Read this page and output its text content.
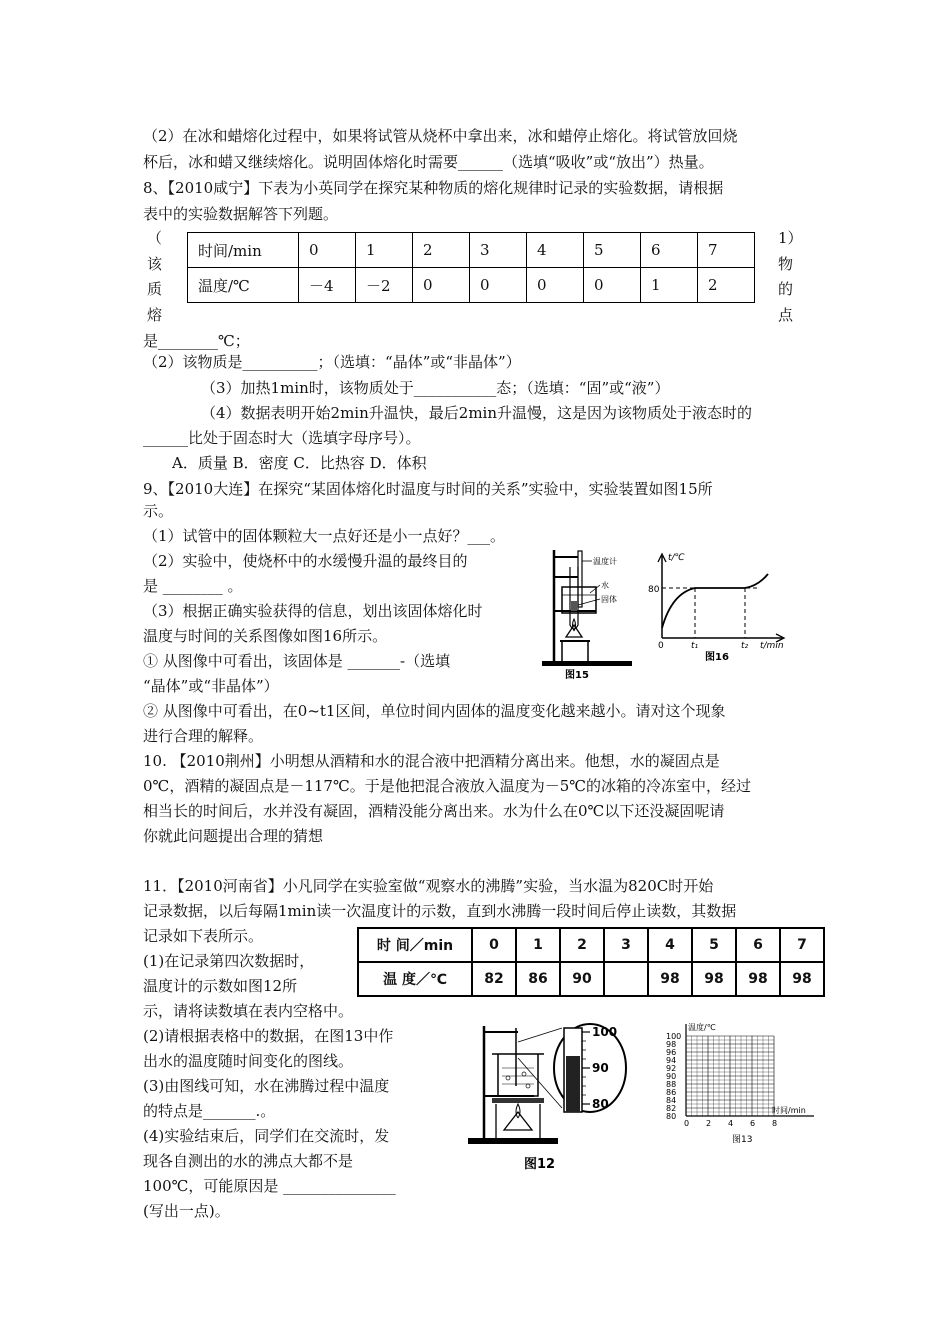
（2）在冰和蜡熔化过程中，如果将试管从烧杯中拿出来，冰和蜡停止熔化。将试管放回烧
杯后，冰和蜡又继续熔化。说明固体熔化时需要______（选填“吸收”或“放出”）热量。
8、【2010咸宁】下表为小英同学在探究某种物质的熔化规律时记录的实验数据，请根据
表中的实验数据解答下列题。
（
该
质
熔
1）
物
的
点
时间/min	0	1	2	3	4	5	6	7
温度/℃	－4	－2	0	0	0	0	1	2
是________℃；
（2）该物质是__________；（选填：“晶体”或“非晶体”）
（3）加热1min时，该物质处于___________态；（选填：“固”或“液”）
（4）数据表明开始2min升温快，最后2min升温慢，这是因为该物质处于液态时的
______比处于固态时大（选填字母序号）。
A．质量 B．密度 C．比热容 D．体积
9、【2010大连】在探究“某固体熔化时温度与时间的关系”实验中，实验装置如图15所
示。
（1）试管中的固体颗粒大一点好还是小一点好？___。
（2）实验中，使烧杯中的水缓慢升温的最终目的
是 ________ 。
（3）根据正确实验获得的信息，划出该固体熔化时
温度与时间的关系图像如图16所示。
① 从图像中可看出，该固体是 _______-（选填
“晶体”或“非晶体”）
② 从图像中可看出，在0~t1区间，单位时间内固体的温度变化越来越小。请对这个现象
进行合理的解释。
温度计
水
固体
图15
t/℃
80
0	t₁	t₂ t/min
图16
10. 【2010荆州】小明想从酒精和水的混合液中把酒精分离出来。他想，水的凝固点是
0℃，酒精的凝固点是－117℃。于是他把混合液放入温度为－5℃的冰箱的冷冻室中，经过
相当长的时间后，水并没有凝固，酒精没能分离出来。水为什么在0℃以下还没凝固呢请
你就此问题提出合理的猜想
11．【2010河南省】小凡同学在实验室做“观察水的沸腾”实验，当水温为820C时开始
记录数据，以后每隔1min读一次温度计的示数，直到水沸腾一段时间后停止读数，其数据
记录如下表所示。
(1)在记录第四次数据时，
温度计的示数如图12所
示，请将读数填在表内空格中。
(2)请根据表格中的数据，在图13中作
出水的温度随时间变化的图线。
(3)由图线可知，水在沸腾过程中温度
的特点是_______.。
(4)实验结束后，同学们在交流时，发
现各自测出的水的沸点大都不是
100℃，可能原因是 _______________
(写出一点)。
时 间／min	0	1	2	3	4	5	6	7
温 度／℃	82	86	90		98	98	98	98
100
90
80
图12
100
98
96
94
92
90
88
86
84
82
80
0 2 4 6 8
温度/℃
时间/min
图13
